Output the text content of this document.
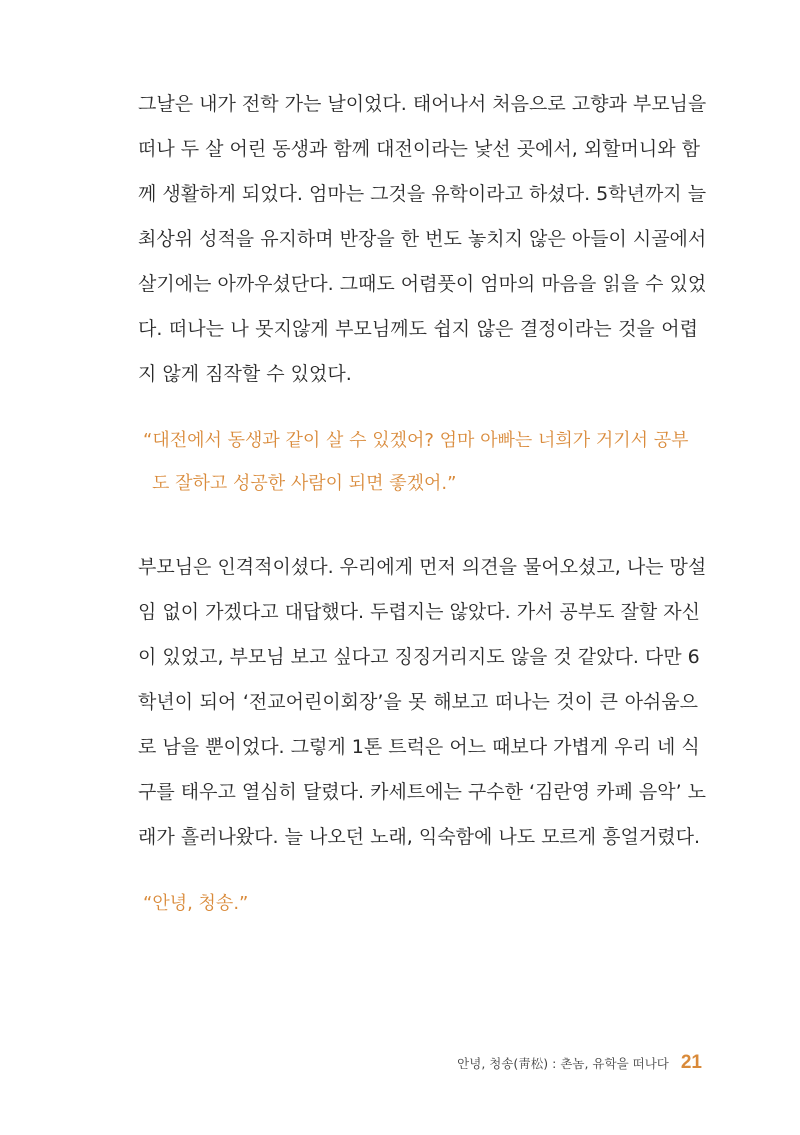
그날은 내가 전학 가는 날이었다. 태어나서 처음으로 고향과 부모님을
떠나 두 살 어린 동생과 함께 대전이라는 낯선 곳에서, 외할머니와 함
께 생활하게 되었다. 엄마는 그것을 유학이라고 하셨다. 5학년까지 늘
최상위 성적을 유지하며 반장을 한 번도 놓치지 않은 아들이 시골에서
살기에는 아까우셨단다. 그때도 어렴풋이 엄마의 마음을 읽을 수 있었
다. 떠나는 나 못지않게 부모님께도 쉽지 않은 결정이라는 것을 어렵
지 않게 짐작할 수 있었다.
“대전에서 동생과 같이 살 수 있겠어? 엄마 아빠는 너희가 거기서 공부
도 잘하고 성공한 사람이 되면 좋겠어.”
부모님은 인격적이셨다. 우리에게 먼저 의견을 물어오셨고, 나는 망설
임 없이 가겠다고 대답했다. 두렵지는 않았다. 가서 공부도 잘할 자신
이 있었고, 부모님 보고 싶다고 징징거리지도 않을 것 같았다. 다만 6
학년이 되어 ‘전교어린이회장’을 못 해보고 떠나는 것이 큰 아쉬움으
로 남을 뿐이었다. 그렇게 1톤 트럭은 어느 때보다 가볍게 우리 네 식
구를 태우고 열심히 달렸다. 카세트에는 구수한 ‘김란영 카페 음악’ 노
래가 흘러나왔다. 늘 나오던 노래, 익숙함에 나도 모르게 흥얼거렸다.
“안녕, 청송.”
안녕, 청송(靑松) : 촌놈, 유학을 떠나다 21
